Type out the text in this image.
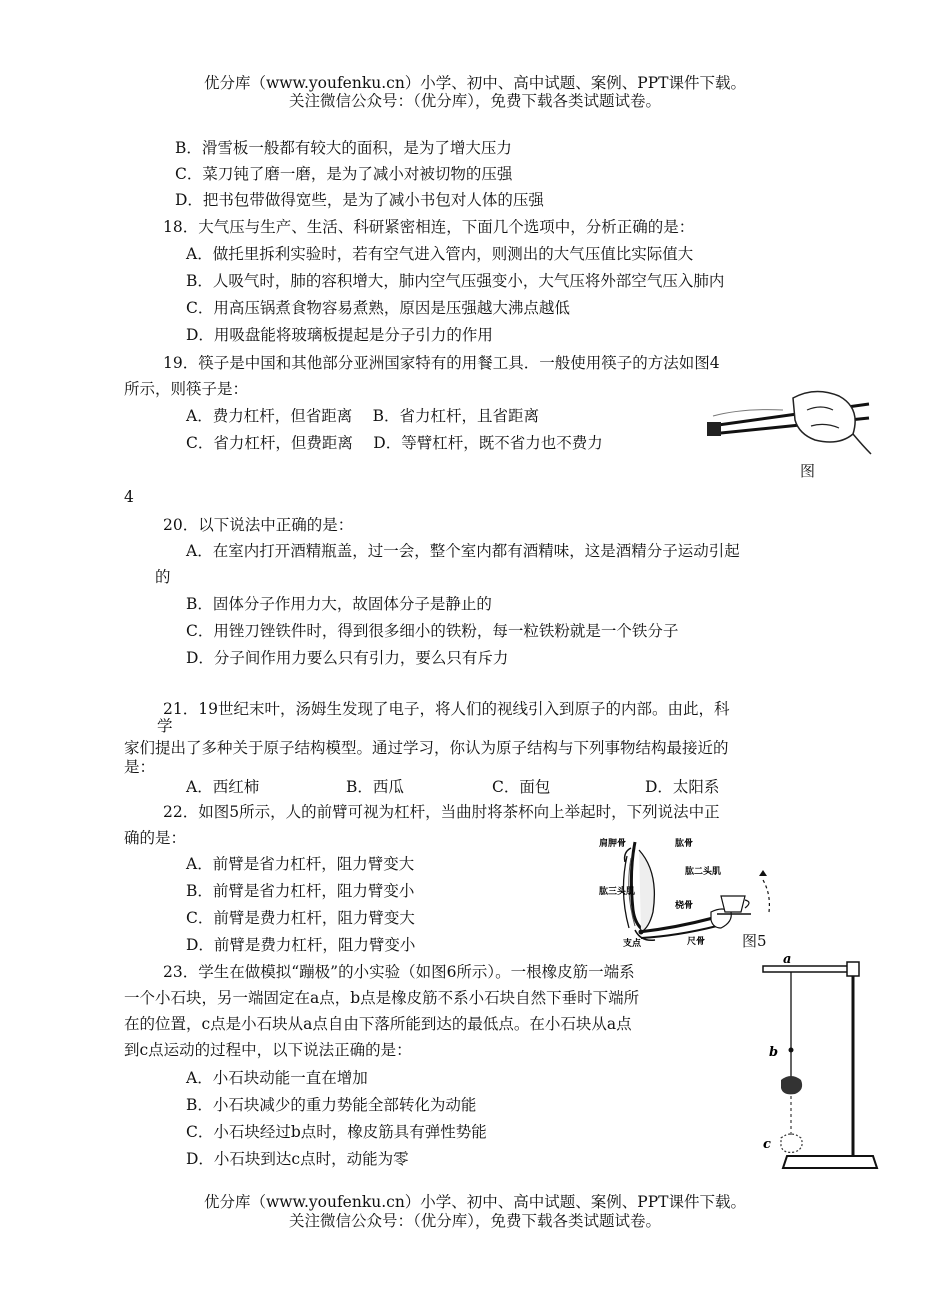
优分库（www.youfenku.cn）小学、初中、高中试题、案例、PPT课件下载。
关注微信公众号：（优分库），免费下载各类试题试卷。
B．滑雪板一般都有较大的面积，是为了增大压力
C．菜刀钝了磨一磨，是为了减小对被切物的压强
D．把书包带做得宽些，是为了减小书包对人体的压强
18．大气压与生产、生活、科研紧密相连，下面几个选项中，分析正确的是：
A．做托里拆利实验时，若有空气进入管内，则测出的大气压值比实际值大
B．人吸气时，肺的容积增大，肺内空气压强变小，大气压将外部空气压入肺内
C．用高压锅煮食物容易煮熟，原因是压强越大沸点越低
D．用吸盘能将玻璃板提起是分子引力的作用
19．筷子是中国和其他部分亚洲国家特有的用餐工具．一般使用筷子的方法如图4
所示，则筷子是：
A．费力杠杆，但省距离　 B．省力杠杆，且省距离
C．省力杠杆，但费距离　 D．等臂杠杆，既不省力也不费力
图
4
20．以下说法中正确的是：
A．在室内打开酒精瓶盖，过一会，整个室内都有酒精味，这是酒精分子运动引起
的
B．固体分子作用力大，故固体分子是静止的
C．用锉刀锉铁件时，得到很多细小的铁粉，每一粒铁粉就是一个铁分子
D．分子间作用力要么只有引力，要么只有斥力
21．19世纪末叶，汤姆生发现了电子，将人们的视线引入到原子的内部。由此，科
学
家们提出了多种关于原子结构模型。通过学习，你认为原子结构与下列事物结构最接近的
是：
A．西红柿	B．西瓜	C．面包	D．太阳系
22．如图5所示，人的前臂可视为杠杆，当曲肘将茶杯向上举起时，下列说法中正
确的是：
A．前臂是省力杠杆，阻力臂变大
B．前臂是省力杠杆，阻力臂变小
C．前臂是费力杠杆，阻力臂变大
D．前臂是费力杠杆，阻力臂变小
肩胛骨	肱骨
肱二头肌
肱三头肌
桡骨
支点	尺骨 图5
23．学生在做模拟“蹦极”的小实验（如图6所示）。一根橡皮筋一端系
一个小石块，另一端固定在a点，b点是橡皮筋不系小石块自然下垂时下端所
在的位置，c点是小石块从a点自由下落所能到达的最低点。在小石块从a点
到c点运动的过程中，以下说法正确的是：
A．小石块动能一直在增加
B．小石块减少的重力势能全部转化为动能
C．小石块经过b点时，橡皮筋具有弹性势能
D．小石块到达c点时，动能为零
a
b
c
优分库（www.youfenku.cn）小学、初中、高中试题、案例、PPT课件下载。
关注微信公众号：（优分库），免费下载各类试题试卷。
